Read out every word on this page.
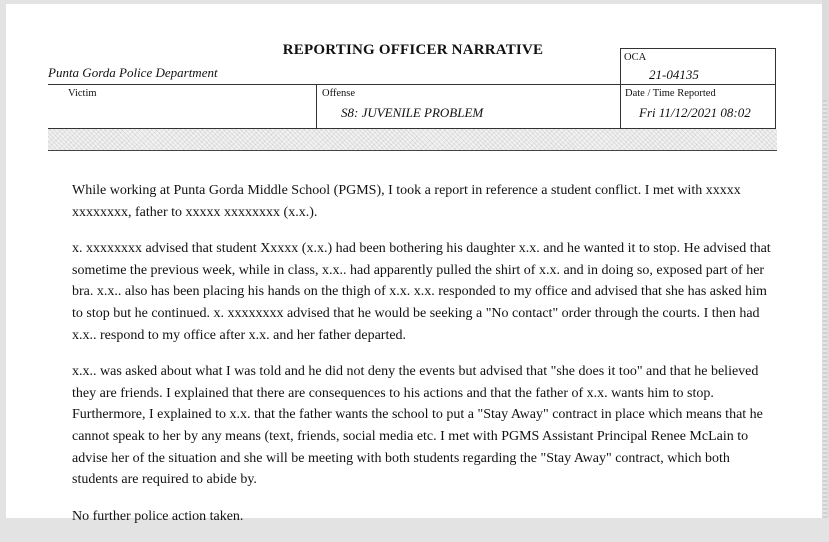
REPORTING OFFICER NARRATIVE
Punta Gorda Police Department
OCA
21-04135
Victim	Offense
S8: JUVENILE PROBLEM
Date / Time Reported
Fri 11/12/2021 08:02

While working at Punta Gorda Middle School (PGMS), I took a report in reference a student conflict. I met with xxxxx xxxxxxxx, father to xxxxx xxxxxxxx (x.x.).

x. xxxxxxxx advised that student Xxxxx (x.x.) had been bothering his daughter x.x. and he wanted it to stop. He advised that sometime the previous week, while in class, x.x.. had apparently pulled the shirt of x.x. and in doing so, exposed part of her bra. x.x.. also has been placing his hands on the thigh of x.x. x.x. responded to my office and advised that she has asked him to stop but he continued. x. xxxxxxxx advised that he would be seeking a "No contact" order through the courts. I then had x.x.. respond to my office after x.x. and her father departed.

x.x.. was asked about what I was told and he did not deny the events but advised that "she does it too" and that he believed they are friends. I explained that there are consequences to his actions and that the father of x.x. wants him to stop. Furthermore, I explained to x.x. that the father wants the school to put a "Stay Away" contract in place which means that he cannot speak to her by any means (text, friends, social media etc. I met with PGMS Assistant Principal Renee McLain to advise her of the situation and she will be meeting with both students regarding the "Stay Away" contract, which both students are required to abide by.

No further police action taken.
